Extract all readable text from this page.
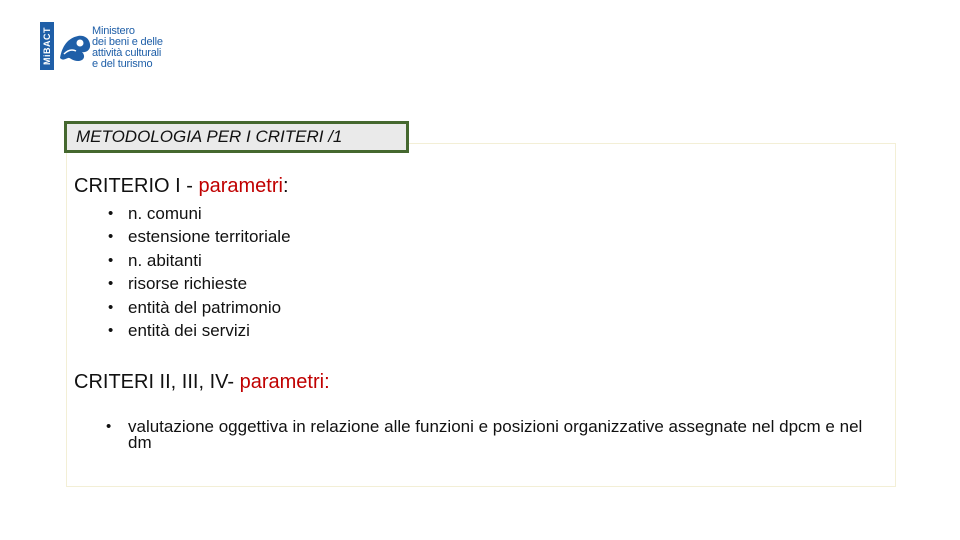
MiBACT	Ministero
dei beni e delle
attività culturali
e del turismo
METODOLOGIA PER I CRITERI /1
CRITERIO I - parametri:
• n. comuni
• estensione territoriale
• n. abitanti
• risorse richieste
• entità del patrimonio
• entità dei servizi
CRITERI II, III, IV- parametri:
• valutazione oggettiva in relazione alle funzioni e posizioni organizzative assegnate nel dpcm e nel dm
